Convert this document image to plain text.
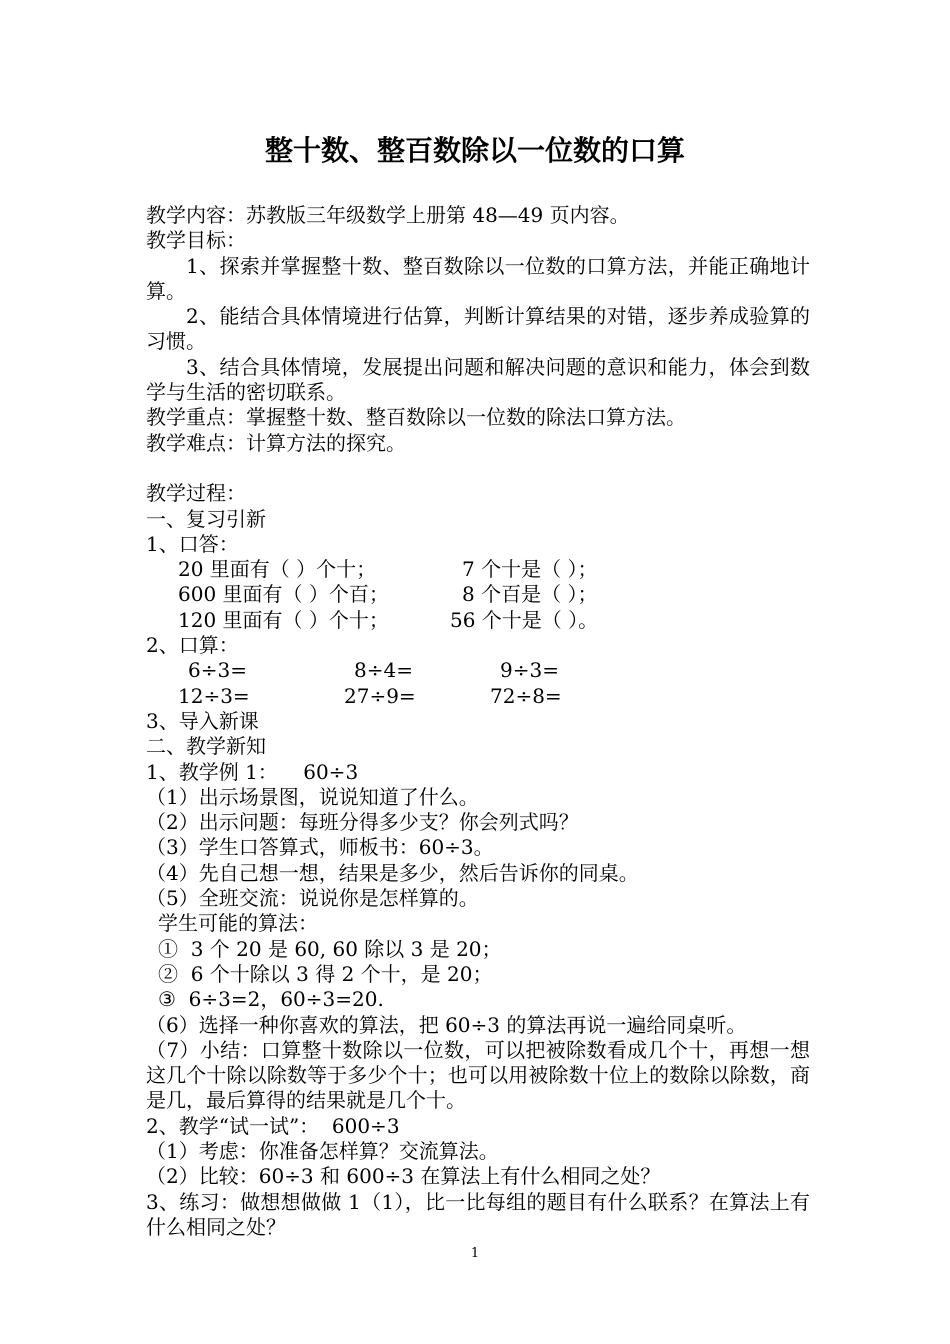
整十数、整百数除以一位数的口算
教学内容：苏教版三年级数学上册第 48—49 页内容。
教学目标：
1、探索并掌握整十数、整百数除以一位数的口算方法，并能正确地计算。
2、能结合具体情境进行估算，判断计算结果的对错，逐步养成验算的习惯。
3、结合具体情境，发展提出问题和解决问题的意识和能力，体会到数学与生活的密切联系。
教学重点：掌握整十数、整百数除以一位数的除法口算方法。
教学难点：计算方法的探究。
教学过程：
一、复习引新
1、口答：
20 里面有（ ）个十；	7 个十是（ ）；
600 里面有（ ）个百；	8 个百是（ ）；
120 里面有（ ）个十；	56 个十是（ ）。
2、口算：
6÷3=	8÷4=	9÷3=
12÷3=	27÷9=	72÷8=
3、导入新课
二、教学新知
1、教学例 1：    60÷3
（1）出示场景图，说说知道了什么。
（2）出示问题：每班分得多少支？你会列式吗？
（3）学生口答算式，师板书：60÷3。
（4）先自己想一想，结果是多少，然后告诉你的同桌。
（5）全班交流：说说你是怎样算的。
学生可能的算法：
①  3 个 20 是 60, 60 除以 3 是 20；
②  6 个十除以 3 得 2 个十，是 20；
③  6÷3=2，60÷3=20.
（6）选择一种你喜欢的算法，把 60÷3 的算法再说一遍给同桌听。
（7）小结：口算整十数除以一位数，可以把被除数看成几个十，再想一想这几个十除以除数等于多少个十；也可以用被除数十位上的数除以除数，商是几，最后算得的结果就是几个十。
2、教学“试一试”：  600÷3
（1）考虑：你准备怎样算？交流算法。
（2）比较：60÷3 和 600÷3 在算法上有什么相同之处？
3、练习：做想想做做 1（1），比一比每组的题目有什么联系？在算法上有什么相同之处？
1
